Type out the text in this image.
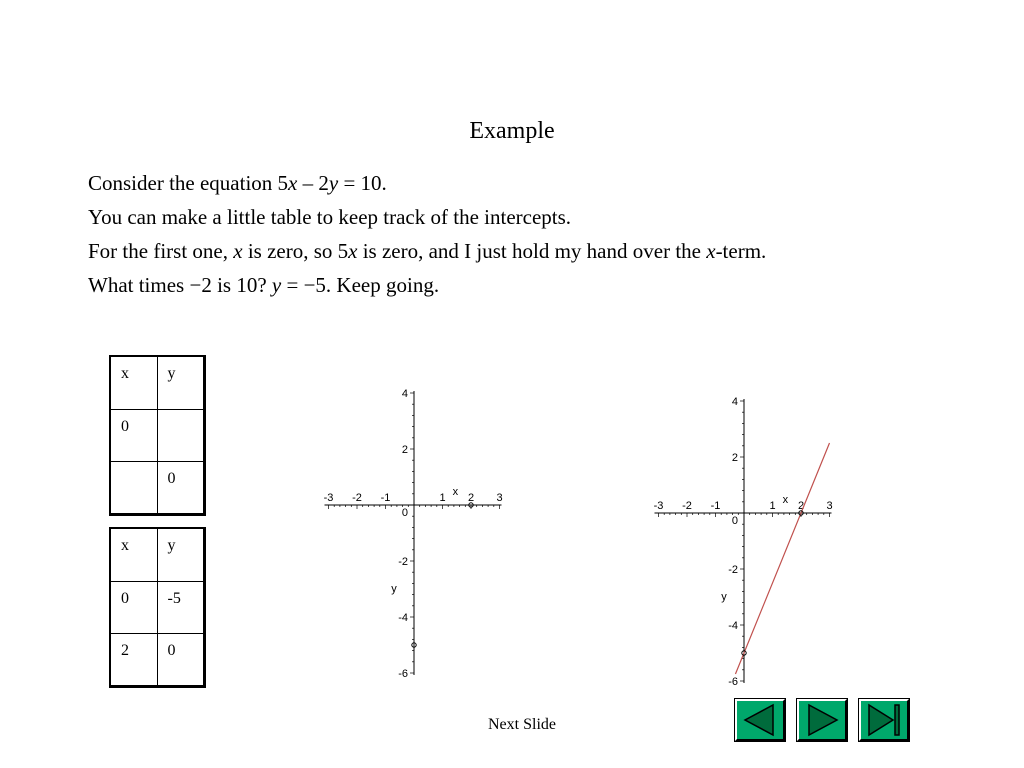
Example
Consider the equation 5x – 2y = 10.
You can make a little table to keep track of the intercepts.
For the first one, x is zero, so 5x is zero, and I just hold my hand over the x-term.
What times −2 is 10? y = −5. Keep going.
x	y
0	
	0
x	y
0	-5
2	0
-3 -2 -1	1 2 3
4
2
0
-2
-4
-6
x
y
-3 -2 -1	1 2 3
4
2
0
-2
-4
-6
x
y
Next Slide
